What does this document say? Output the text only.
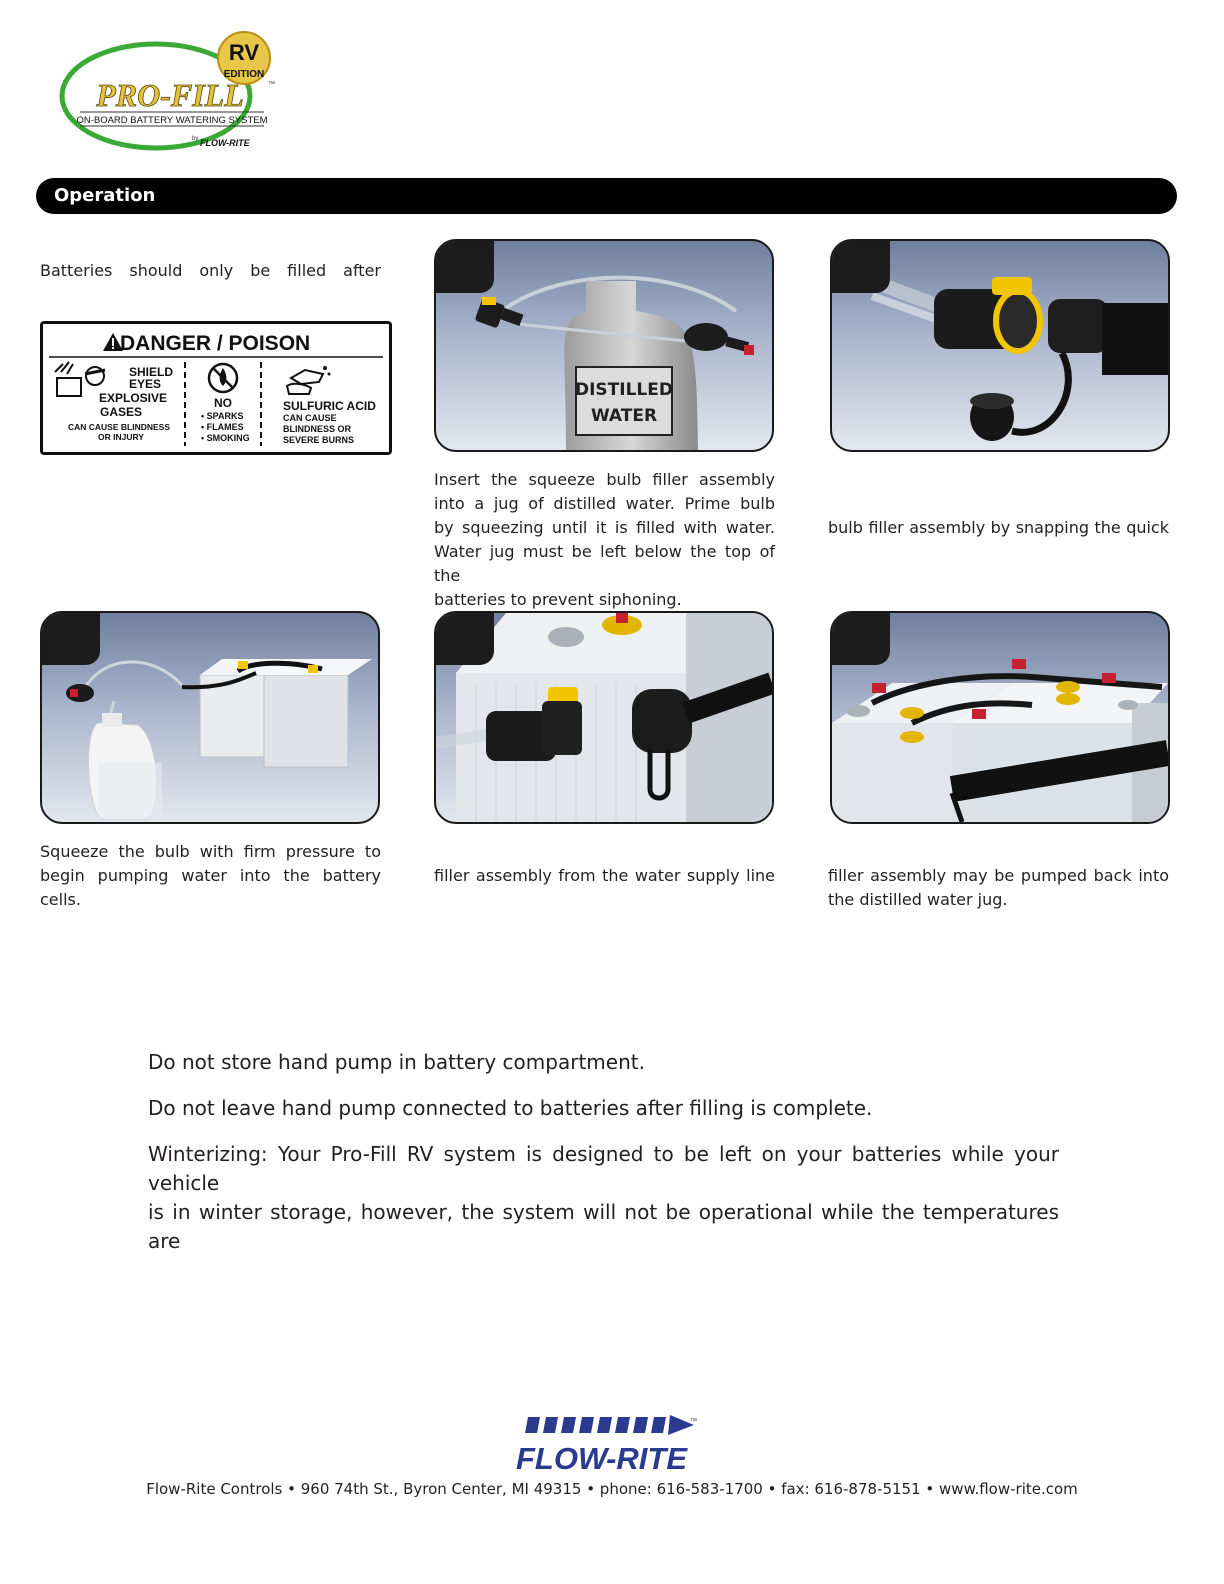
RV
EDITION
PRO-FILL	™
ON-BOARD BATTERY WATERING SYSTEM
by FLOW-RITE
Operation
Batteries should only be filled after
DANGER / POISON
SHIELD
EYES
EXPLOSIVE
GASES
CAN CAUSE BLINDNESS
OR INJURY
NO
• SPARKS
• FLAMES
• SMOKING
SULFURIC ACID
CAN CAUSE
BLINDNESS OR
SEVERE BURNS
DISTILLED
WATER

Insert the squeeze bulb filler assembly

into a jug of distilled water. Prime bulb

by squeezing until it is filled with water.

Water jug must be left below the top of the

batteries to prevent siphoning.

bulb filler assembly by snapping the quick

Squeeze the bulb with firm pressure to

begin pumping water into the battery cells.

filler assembly from the water supply line	filler assembly may be pumped back into

the distilled water jug.

Do not store hand pump in battery compartment.

Do not leave hand pump connected to batteries after filling is complete.

Winterizing: Your Pro-Fill RV system is designed to be left on your batteries while your vehicle
is in winter storage, however, the system will not be operational while the temperatures are

FLOW-RITE
™
Flow-Rite Controls • 960 74th St., Byron Center, MI 49315 • phone: 616-583-1700 • fax: 616-878-5151 • www.flow-rite.com
